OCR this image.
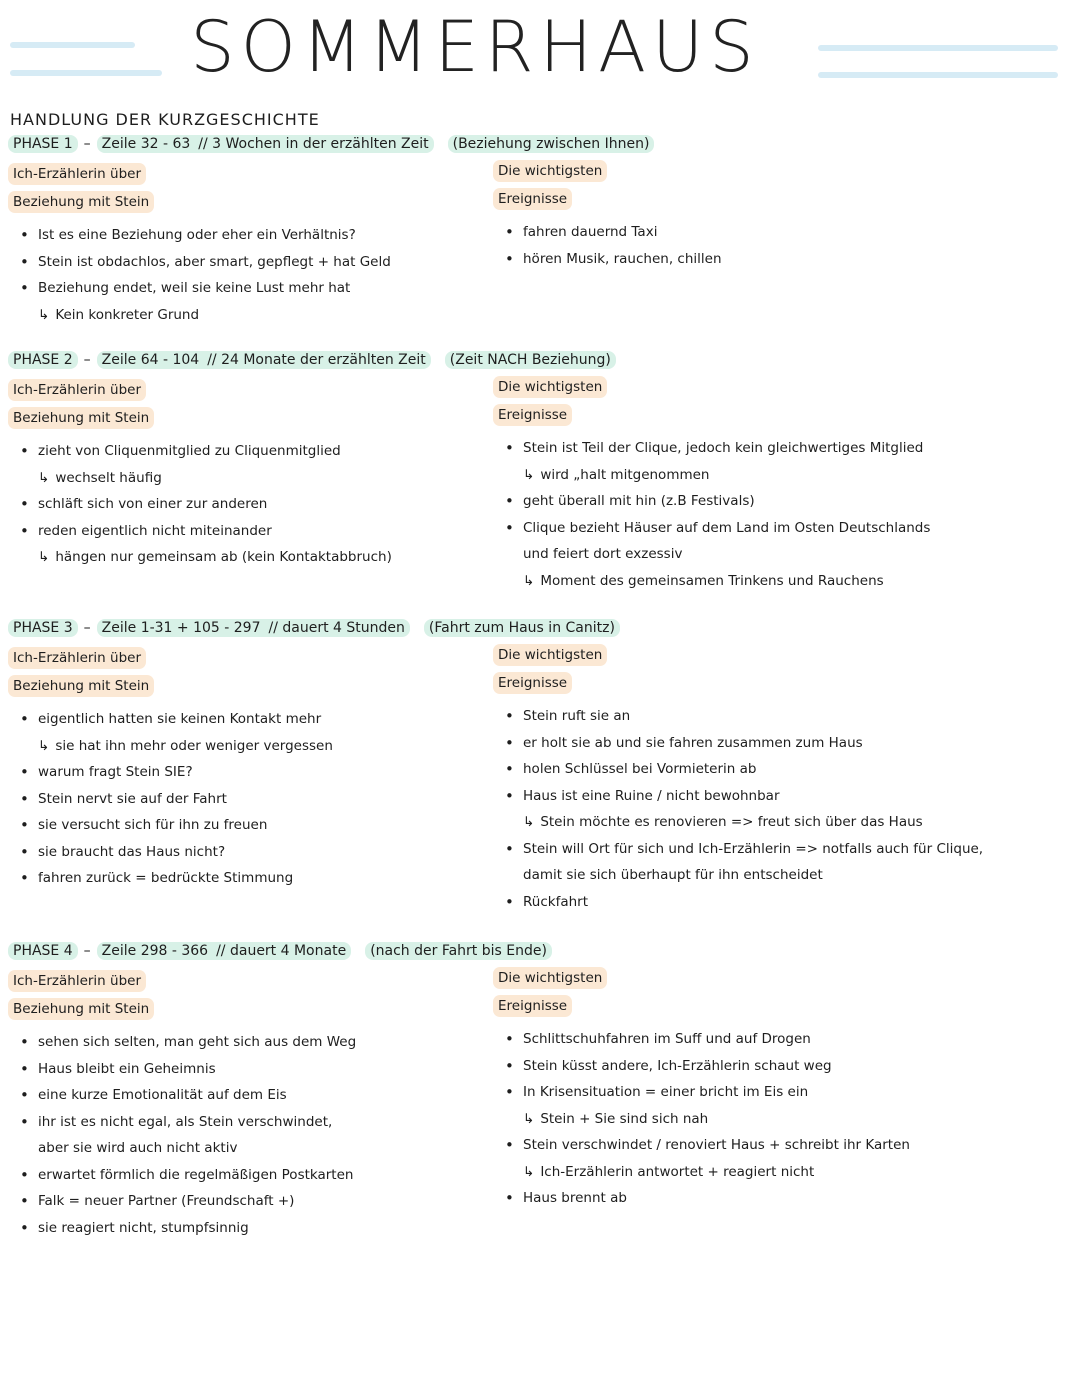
SOMMERHAUS
HANDLUNG DER KURZGESCHICHTE
PHASE 1 – Zeile 32 - 63 // 3 Wochen in der erzählten Zeit (Beziehung zwischen Ihnen)
Ich-Erzählerin über
Beziehung mit Stein
• Ist es eine Beziehung oder eher ein Verhältnis?
• Stein ist obdachlos, aber smart, gepflegt + hat Geld
• Beziehung endet, weil sie keine Lust mehr hat
↳ Kein konkreter Grund
Die wichtigsten
Ereignisse
• fahren dauernd Taxi
• hören Musik, rauchen, chillen
PHASE 2 – Zeile 64 - 104 // 24 Monate der erzählten Zeit (Zeit NACH Beziehung)
Ich-Erzählerin über
Beziehung mit Stein
• zieht von Cliquenmitglied zu Cliquenmitglied
↳ wechselt häufig
• schläft sich von einer zur anderen
• reden eigentlich nicht miteinander
↳ hängen nur gemeinsam ab (kein Kontaktabbruch)
Die wichtigsten
Ereignisse
• Stein ist Teil der Clique, jedoch kein gleichwertiges Mitglied
↳ wird „halt mitgenommen
• geht überall mit hin (z.B Festivals)
• Clique bezieht Häuser auf dem Land im Osten Deutschlands
und feiert dort exzessiv
↳ Moment des gemeinsamen Trinkens und Rauchens
PHASE 3 – Zeile 1-31 + 105 - 297 // dauert 4 Stunden (Fahrt zum Haus in Canitz)
Ich-Erzählerin über
Beziehung mit Stein
• eigentlich hatten sie keinen Kontakt mehr
↳ sie hat ihn mehr oder weniger vergessen
• warum fragt Stein SIE?
• Stein nervt sie auf der Fahrt
• sie versucht sich für ihn zu freuen
• sie braucht das Haus nicht?
• fahren zurück = bedrückte Stimmung
Die wichtigsten
Ereignisse
• Stein ruft sie an
• er holt sie ab und sie fahren zusammen zum Haus
• holen Schlüssel bei Vormieterin ab
• Haus ist eine Ruine / nicht bewohnbar
↳ Stein möchte es renovieren => freut sich über das Haus
• Stein will Ort für sich und Ich-Erzählerin => notfalls auch für Clique,
damit sie sich überhaupt für ihn entscheidet
• Rückfahrt
PHASE 4 – Zeile 298 - 366 // dauert 4 Monate (nach der Fahrt bis Ende)
Ich-Erzählerin über
Beziehung mit Stein
• sehen sich selten, man geht sich aus dem Weg
• Haus bleibt ein Geheimnis
• eine kurze Emotionalität auf dem Eis
• ihr ist es nicht egal, als Stein verschwindet,
aber sie wird auch nicht aktiv
• erwartet förmlich die regelmäßigen Postkarten
• Falk = neuer Partner (Freundschaft +)
• sie reagiert nicht, stumpfsinnig
Die wichtigsten
Ereignisse
• Schlittschuhfahren im Suff und auf Drogen
• Stein küsst andere, Ich-Erzählerin schaut weg
• In Krisensituation = einer bricht im Eis ein
↳ Stein + Sie sind sich nah
• Stein verschwindet / renoviert Haus + schreibt ihr Karten
↳ Ich-Erzählerin antwortet + reagiert nicht
• Haus brennt ab
